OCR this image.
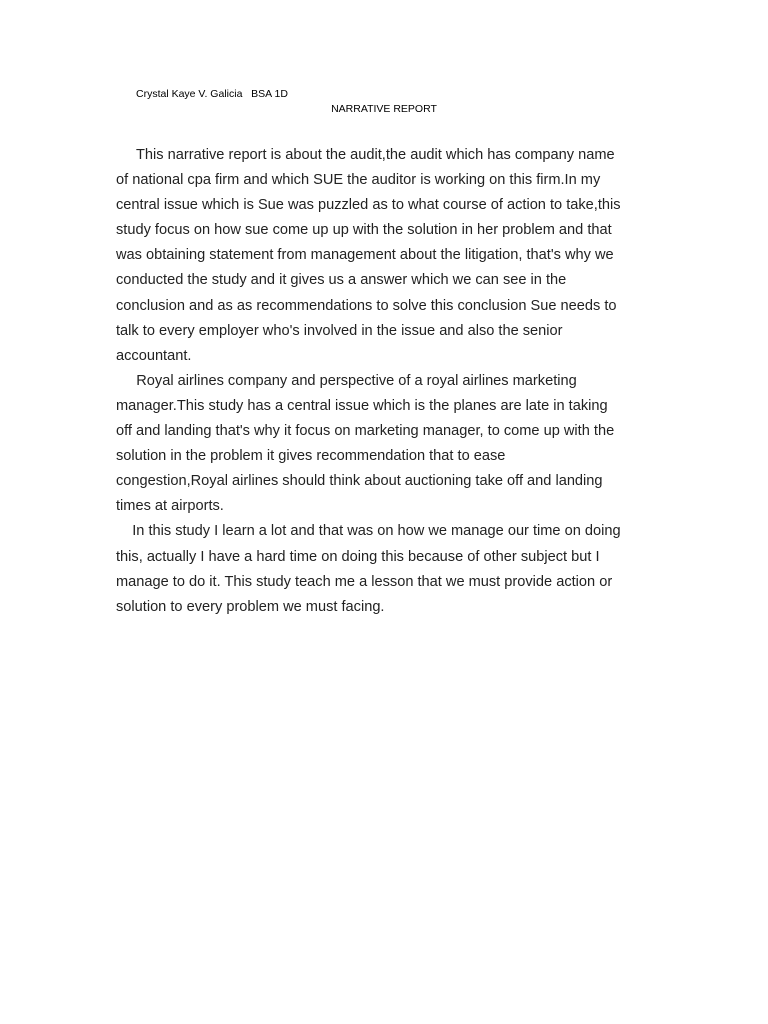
Crystal Kaye V. Galicia   BSA 1D

NARRATIVE REPORT

This narrative report is about the audit,the audit which has company name
of national cpa firm and which SUE the auditor is working on this firm.In my
central issue which is Sue was puzzled as to what course of action to take,this
study focus on how sue come up up with the solution in her problem and that
was obtaining statement from management about the litigation, that's why we
conducted the study and it gives us a answer which we can see in the
conclusion and as as recommendations to solve this conclusion Sue needs to
talk to every employer who's involved in the issue and also the senior
accountant.
Royal airlines company and perspective of a royal airlines marketing
manager.This study has a central issue which is the planes are late in taking
off and landing that's why it focus on marketing manager, to come up with the
solution in the problem it gives recommendation that to ease
congestion,Royal airlines should think about auctioning take off and landing
times at airports.
In this study I learn a lot and that was on how we manage our time on doing
this, actually I have a hard time on doing this because of other subject but I
manage to do it. This study teach me a lesson that we must provide action or
solution to every problem we must facing.
